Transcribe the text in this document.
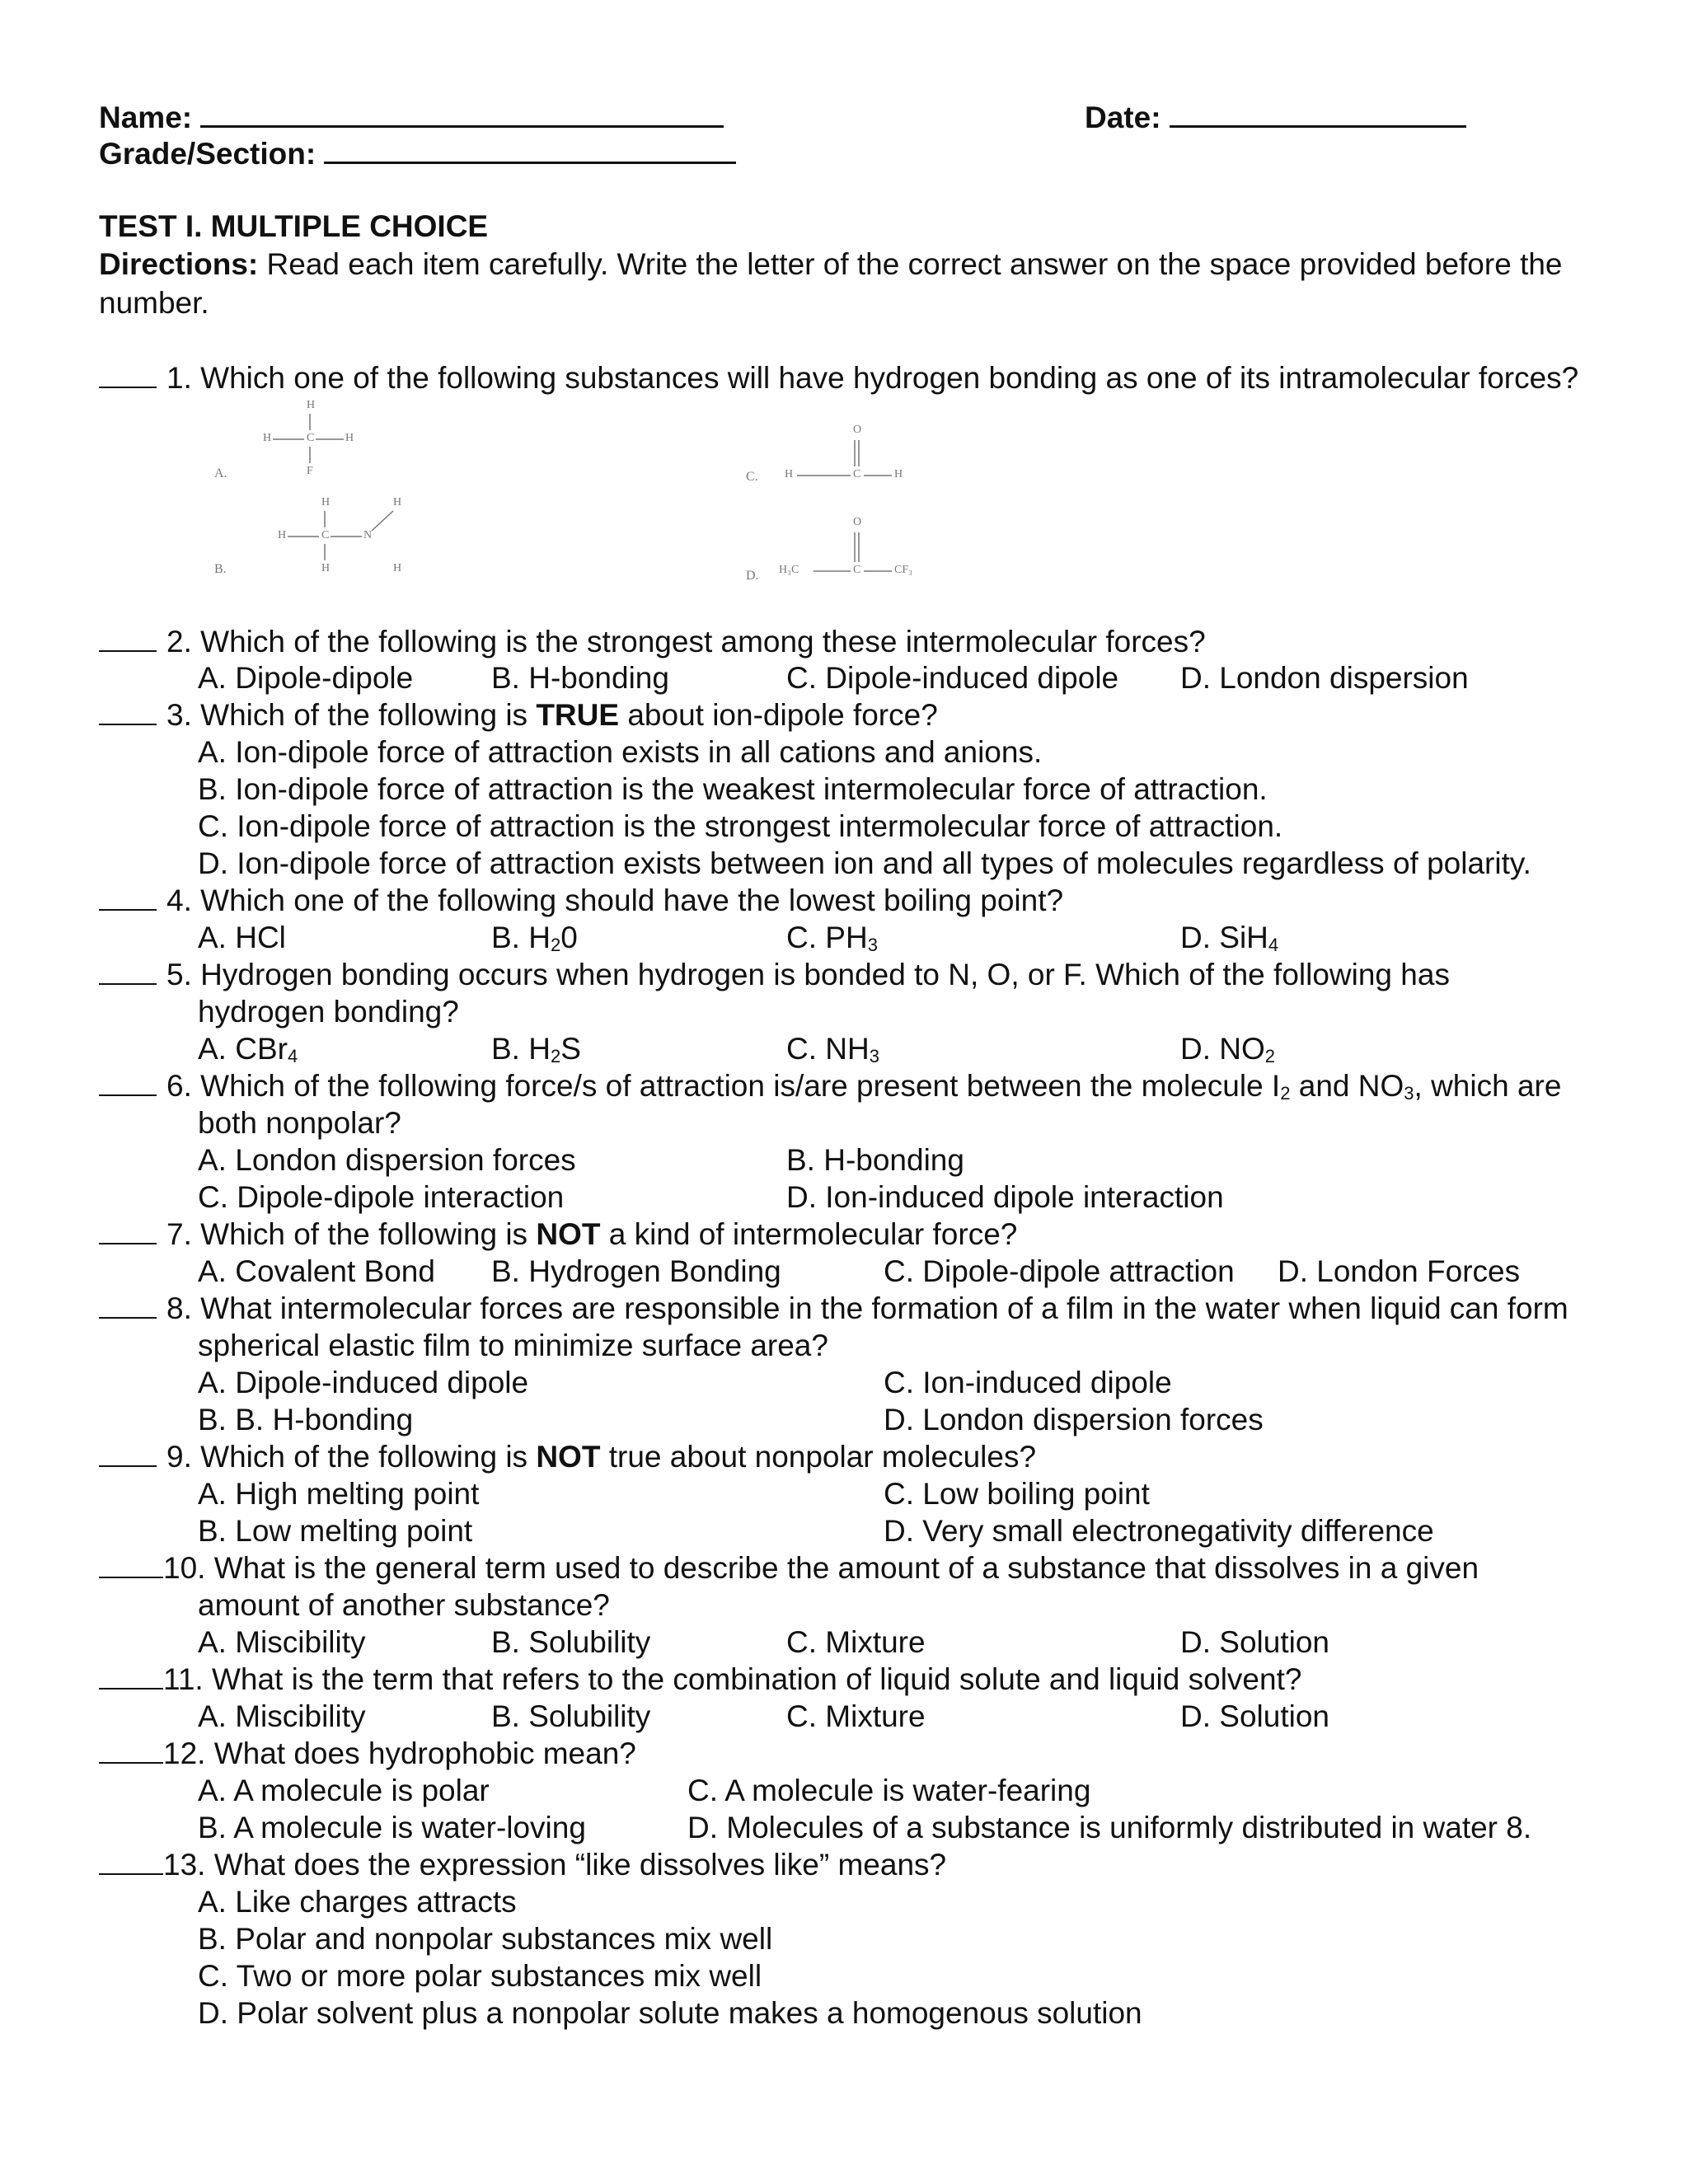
Name:	Date:
Grade/Section:
TEST I. MULTIPLE CHOICE
Directions: Read each item carefully. Write the letter of the correct answer on the space provided before the
number.
1. Which one of the following substances will have hydrogen bonding as one of its intramolecular forces?
A.
H
H	C	H
F
B.
H	H
H	C	N
H	H
C.
O
H	C	H
D.
O
H₃C	C	CF₃
2. Which of the following is the strongest among these intermolecular forces?
A. Dipole-dipole	B. H-bonding	C. Dipole-induced dipole D. London dispersion
3. Which of the following is TRUE about ion-dipole force?
A. Ion-dipole force of attraction exists in all cations and anions.
B. Ion-dipole force of attraction is the weakest intermolecular force of attraction.
C. Ion-dipole force of attraction is the strongest intermolecular force of attraction.
D. Ion-dipole force of attraction exists between ion and all types of molecules regardless of polarity.
4. Which one of the following should have the lowest boiling point?
A. HCl	B. $H_20$	C. $PH_3$	D. SiH$_4$
5. Hydrogen bonding occurs when hydrogen is bonded to N, O, or F. Which of the following has
hydrogen bonding?
A. CBr$_4$	B. $H_2S$	C. $NH_3$	D. $NO_2$
6. Which of the following force/s of attraction is/are present between the molecule $I_2$ and $NO_3$, which are
both nonpolar?
A. London dispersion forces	B. H-bonding
C. Dipole-dipole interaction	D. Ion-induced dipole interaction
7. Which of the following is NOT a kind of intermolecular force?
A. Covalent Bond B. Hydrogen Bonding	C. Dipole-dipole attraction D. London Forces
8. What intermolecular forces are responsible in the formation of a film in the water when liquid can form
spherical elastic film to minimize surface area?
A. Dipole-induced dipole	C. Ion-induced dipole
B. B. H-bonding	D. London dispersion forces
9. Which of the following is NOT true about nonpolar molecules?
A. High melting point	C. Low boiling point
B. Low melting point	D. Very small electronegativity difference
10. What is the general term used to describe the amount of a substance that dissolves in a given
amount of another substance?
A. Miscibility	B. Solubility	C. Mixture	D. Solution
11. What is the term that refers to the combination of liquid solute and liquid solvent?
A. Miscibility	B. Solubility	C. Mixture	D. Solution
12. What does hydrophobic mean?
A. A molecule is polar	C. A molecule is water-fearing
B. A molecule is water-loving	D. Molecules of a substance is uniformly distributed in water 8.
13. What does the expression “like dissolves like” means?
A. Like charges attracts
B. Polar and nonpolar substances mix well
C. Two or more polar substances mix well
D. Polar solvent plus a nonpolar solute makes a homogenous solution
